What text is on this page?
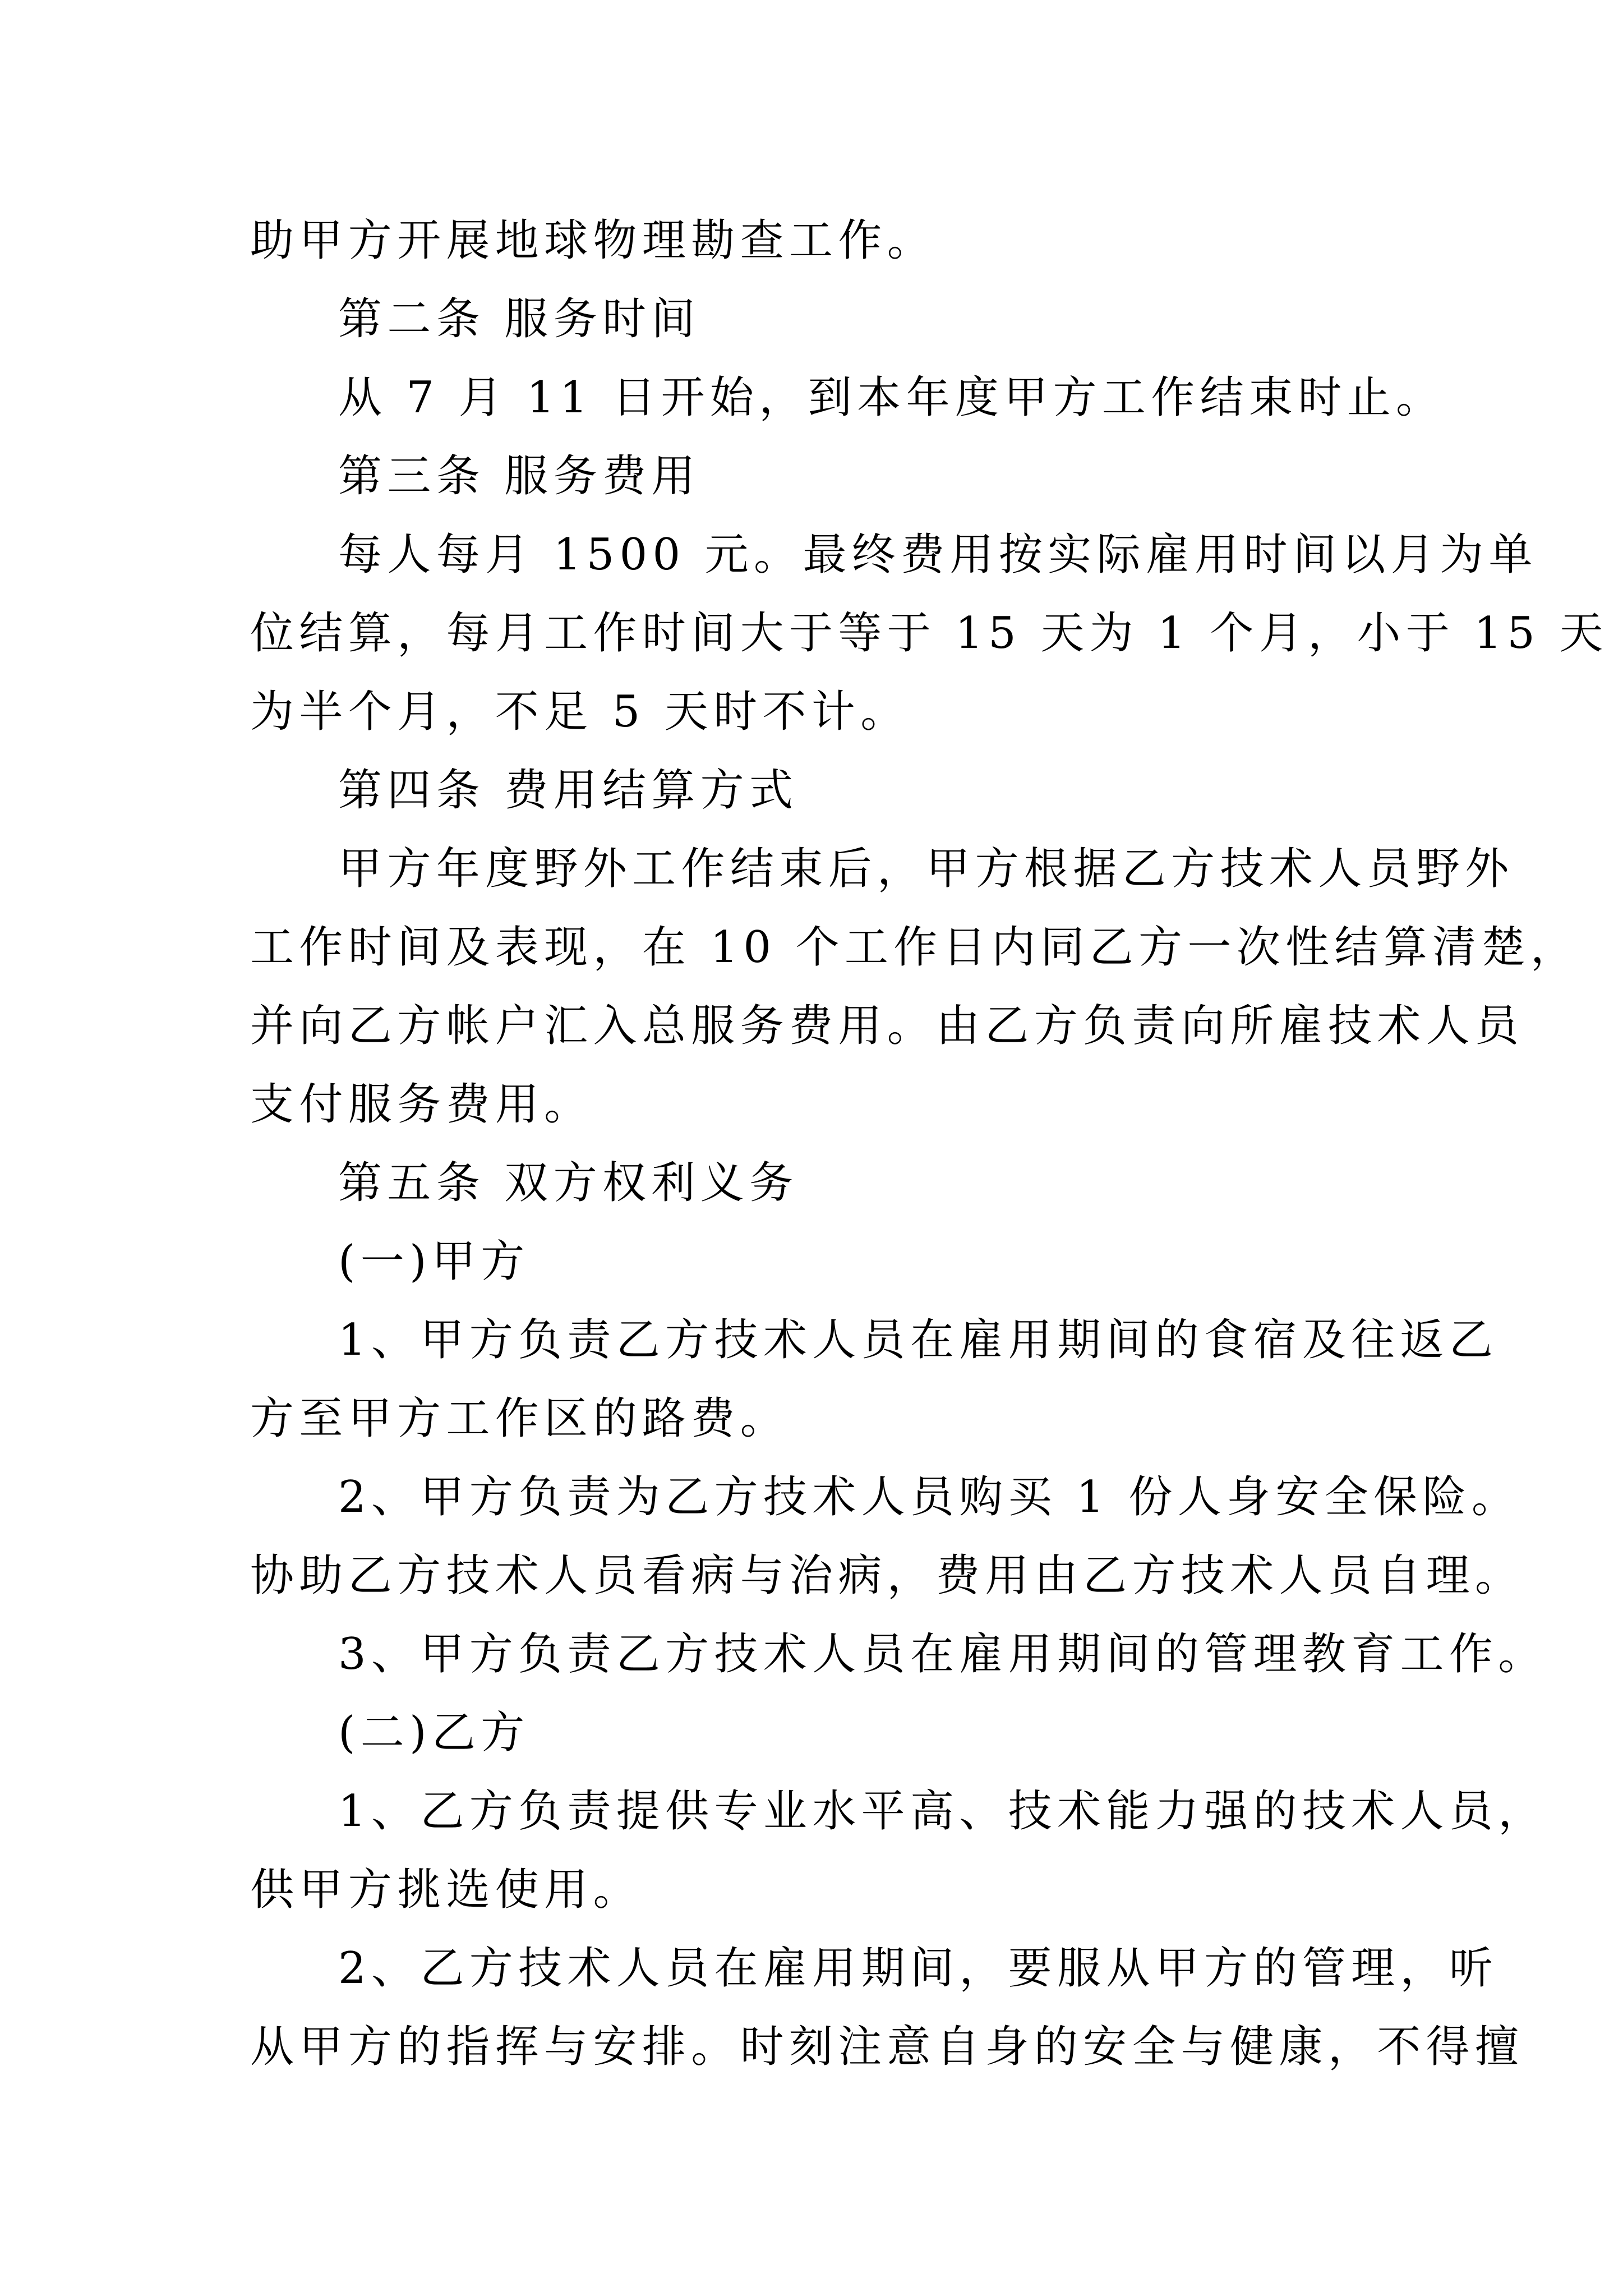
助甲方开展地球物理勘查工作。
第二条 服务时间
从 7 月 11 日开始，到本年度甲方工作结束时止。
第三条 服务费用
每人每月 1500 元。最终费用按实际雇用时间以月为单
位结算，每月工作时间大于等于 15 天为 1 个月，小于 15 天
为半个月，不足 5 天时不计。
第四条 费用结算方式
甲方年度野外工作结束后，甲方根据乙方技术人员野外
工作时间及表现，在 10 个工作日内同乙方一次性结算清楚，
并向乙方帐户汇入总服务费用。由乙方负责向所雇技术人员
支付服务费用。
第五条 双方权利义务
(一)甲方
1、甲方负责乙方技术人员在雇用期间的食宿及往返乙
方至甲方工作区的路费。
2、甲方负责为乙方技术人员购买 1 份人身安全保险。
协助乙方技术人员看病与治病，费用由乙方技术人员自理。
3、甲方负责乙方技术人员在雇用期间的管理教育工作。
(二)乙方
1、乙方负责提供专业水平高、技术能力强的技术人员，
供甲方挑选使用。
2、乙方技术人员在雇用期间，要服从甲方的管理，听
从甲方的指挥与安排。时刻注意自身的安全与健康，不得擅
